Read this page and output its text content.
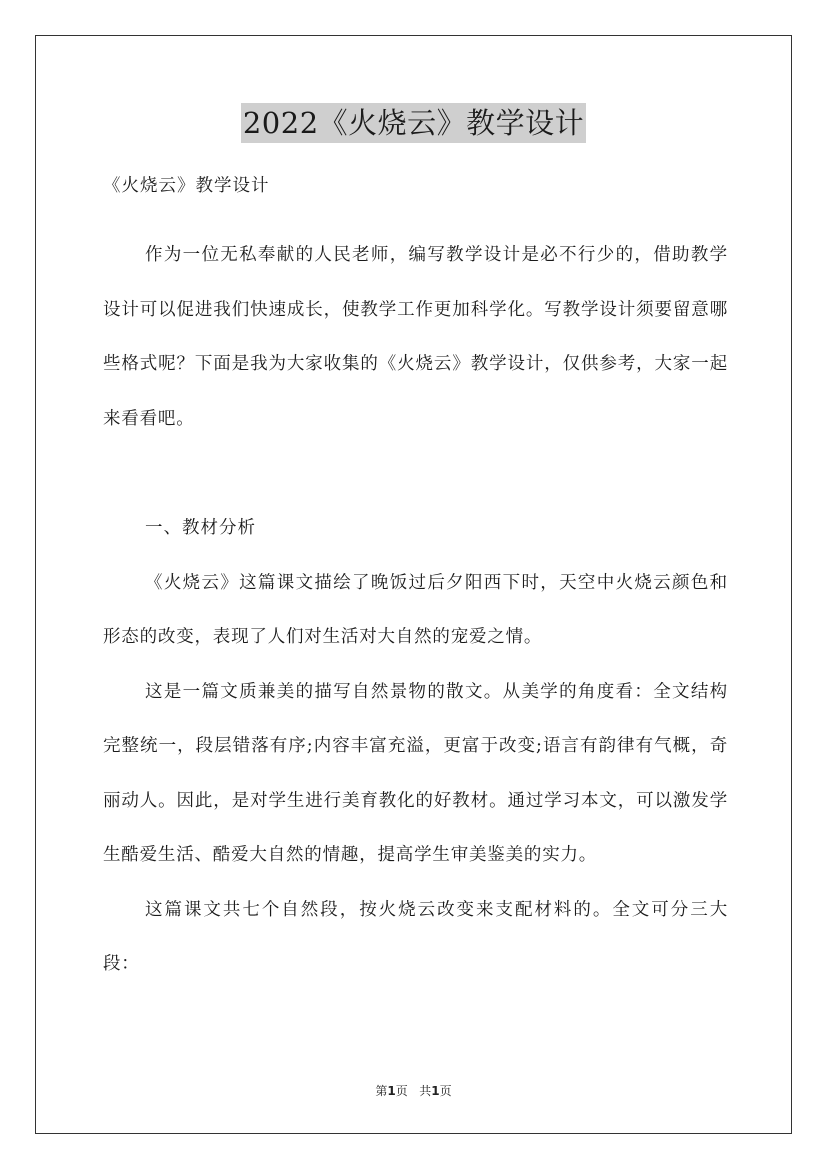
2022《火烧云》教学设计

《火烧云》教学设计

作为一位无私奉献的人民老师，编写教学设计是必不行少的，借助教学设计可以促进我们快速成长，使教学工作更加科学化。写教学设计须要留意哪些格式呢？下面是我为大家收集的《火烧云》教学设计，仅供参考，大家一起来看看吧。

一、教材分析

《火烧云》这篇课文描绘了晚饭过后夕阳西下时，天空中火烧云颜色和形态的改变，表现了人们对生活对大自然的宠爱之情。

这是一篇文质兼美的描写自然景物的散文。从美学的角度看：全文结构完整统一，段层错落有序;内容丰富充溢，更富于改变;语言有韵律有气概，奇丽动人。因此，是对学生进行美育教化的好教材。通过学习本文，可以激发学生酷爱生活、酷爱大自然的情趣，提高学生审美鉴美的实力。

这篇课文共七个自然段，按火烧云改变来支配材料的。全文可分三大段：

第1页 共1页
